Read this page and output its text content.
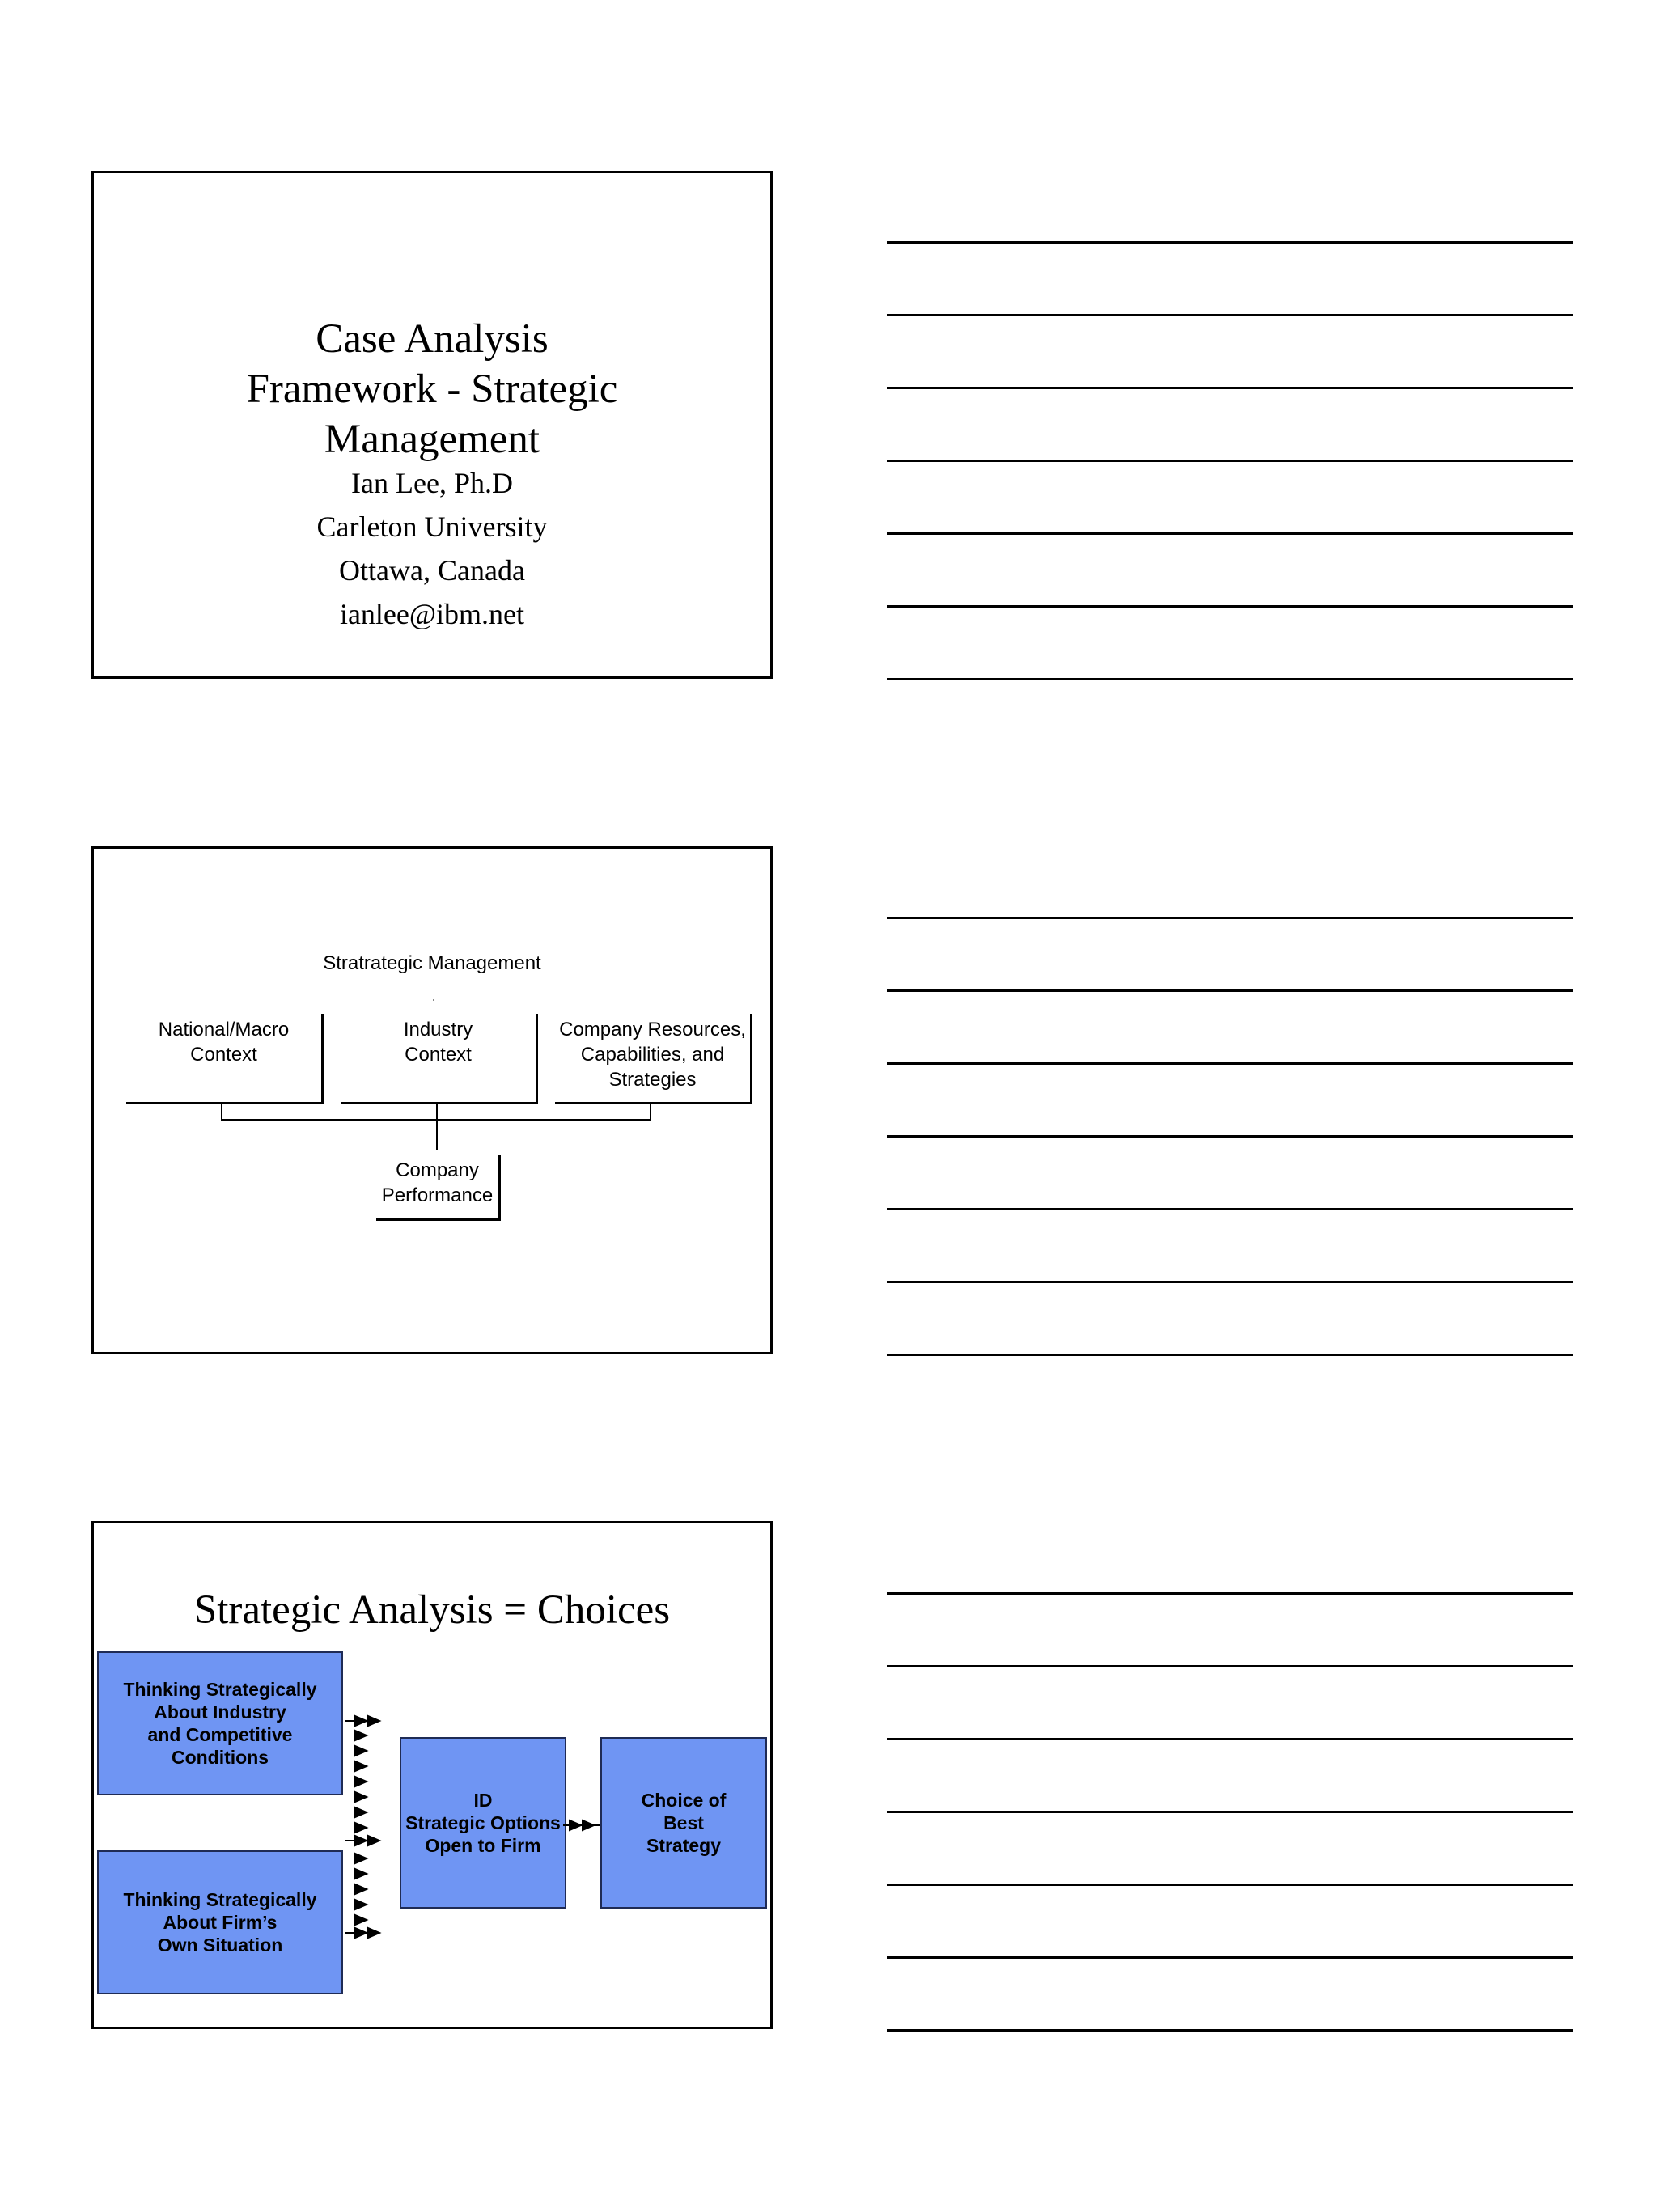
Case Analysis
Framework - Strategic
Management
Ian Lee, Ph.D
Carleton University
Ottawa, Canada
ianlee@ibm.net
Stratrategic Management
National/Macro
Context
Industry
Context
Company Resources,
Capabilities, and
Strategies
Company
Performance
Strategic Analysis = Choices
Thinking Strategically
About Industry
and Competitive
Conditions
Thinking Strategically
About Firm’s
Own Situation
ID
Strategic Options
Open to Firm
Choice of
Best
Strategy
